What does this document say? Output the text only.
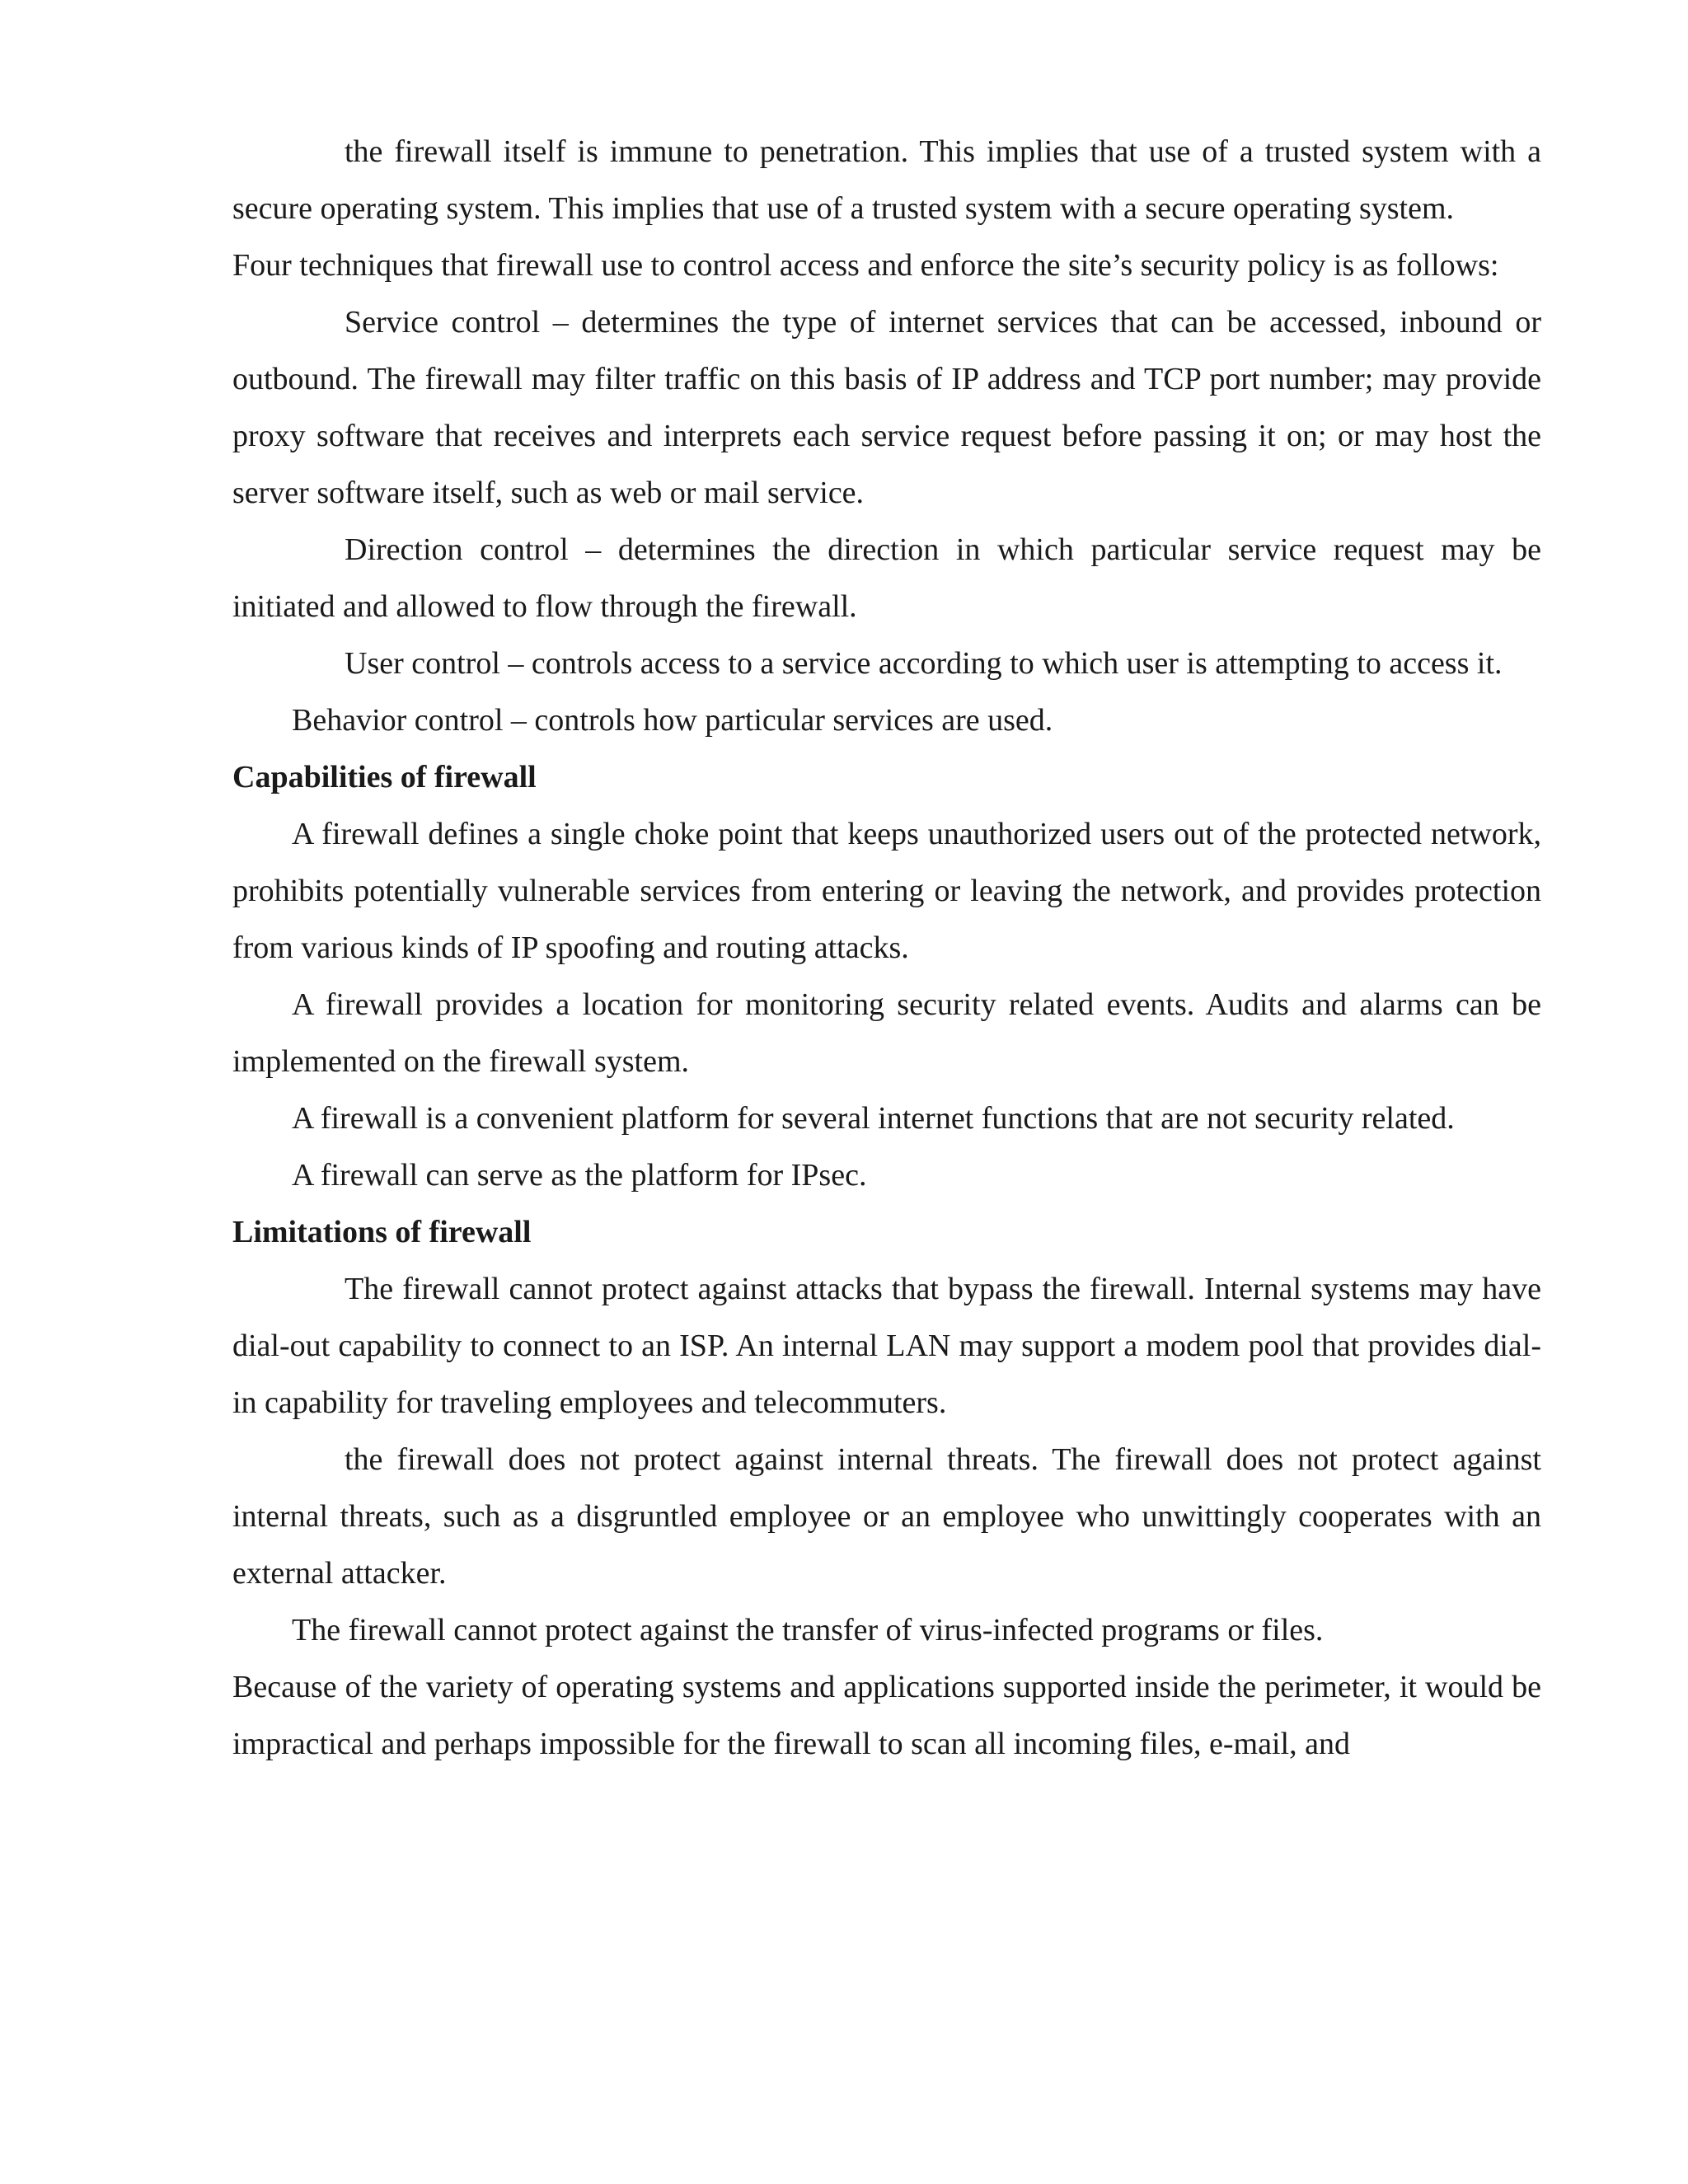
the firewall itself is immune to penetration. This implies that use of a trusted system with a secure operating system. This implies that use of a trusted system with a secure operating system.

Four techniques that firewall use to control access and enforce the site’s security policy is as follows:

Service control – determines the type of internet services that can be accessed, inbound or outbound. The firewall may filter traffic on this basis of IP address and TCP port number; may provide proxy software that receives and interprets each service request before passing it on; or may host the server software itself, such as web or mail service.

Direction control – determines the direction in which particular service request may be initiated and allowed to flow through the firewall.

User control – controls access to a service according to which user is attempting to access it.

Behavior control – controls how particular services are used.

Capabilities of firewall

A firewall defines a single choke point that keeps unauthorized users out of the protected network, prohibits potentially vulnerable services from entering or leaving the network, and provides protection from various kinds of IP spoofing and routing attacks.

A firewall provides a location for monitoring security related events. Audits and alarms can be implemented on the firewall system.

A firewall is a convenient platform for several internet functions that are not security related.

A firewall can serve as the platform for IPsec.

Limitations of firewall

The firewall cannot protect against attacks that bypass the firewall. Internal systems may have dial-out capability to connect to an ISP. An internal LAN may support a modem pool that provides dial-in capability for traveling employees and telecommuters.

the firewall does not protect against internal threats. The firewall does not protect against internal threats, such as a disgruntled employee or an employee who unwittingly cooperates with an external attacker.

The firewall cannot protect against the transfer of virus-infected programs or files.

Because of the variety of operating systems and applications supported inside the perimeter, it would be impractical and perhaps impossible for the firewall to scan all incoming files, e-mail, and
